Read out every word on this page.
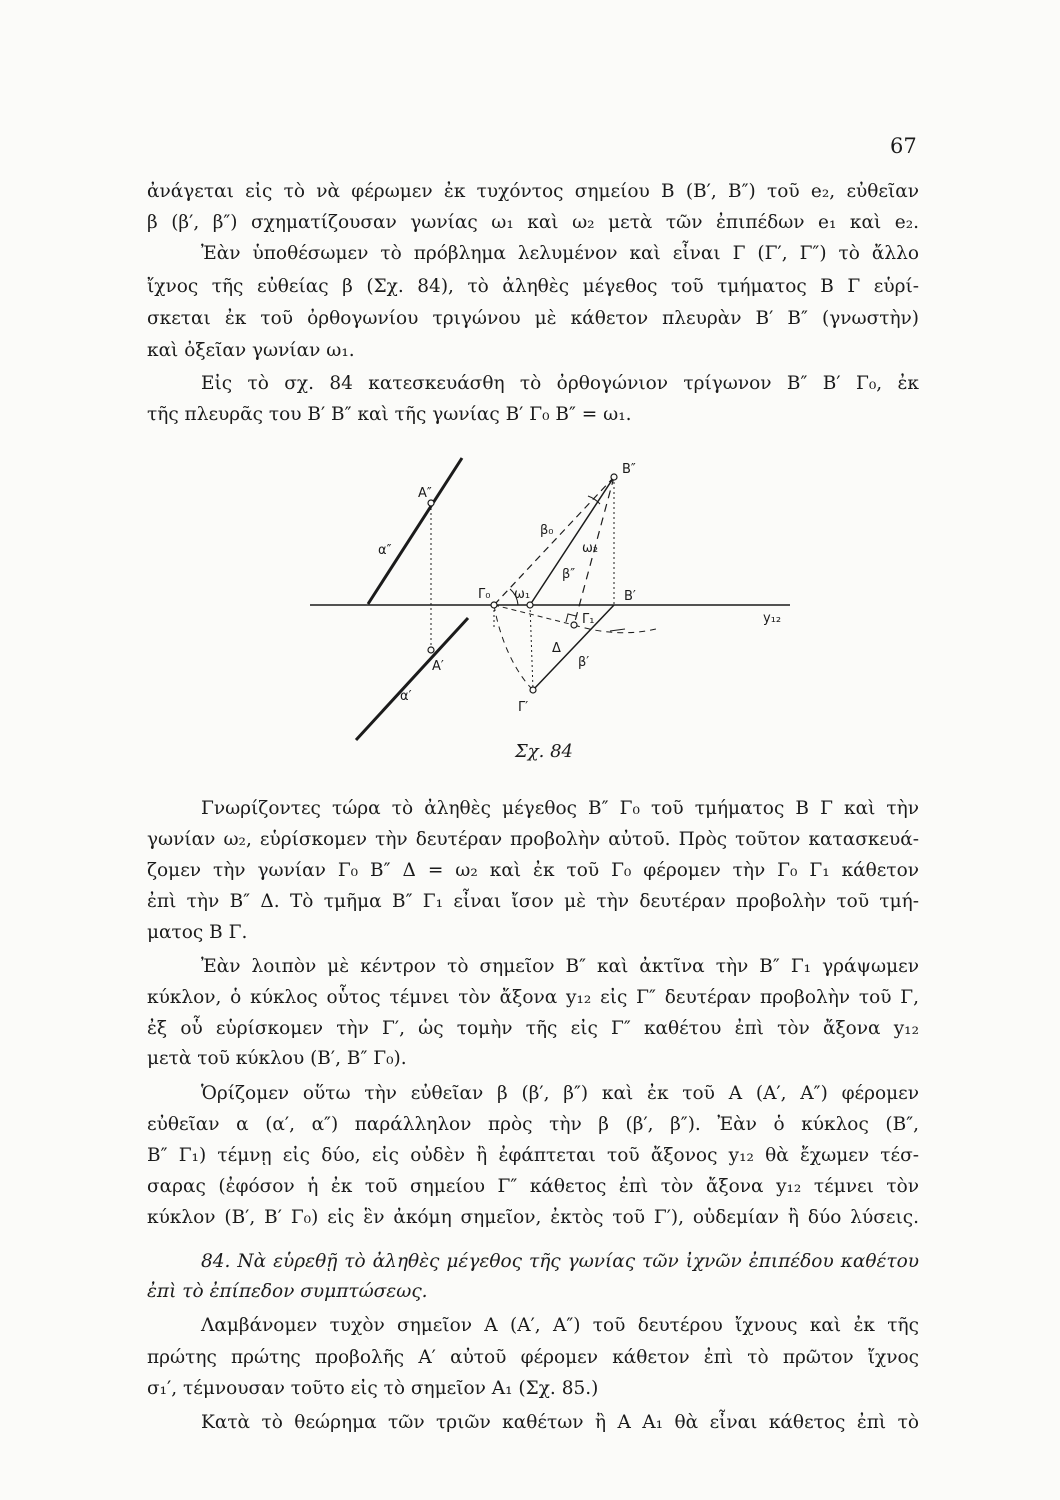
67
ἀνάγεται εἰς τὸ νὰ φέρωμεν ἐκ τυχόντος σημείου Β (Β′, Β″) τοῦ e₂, εὐθεῖαν
β (β′, β″) σχηματίζουσαν γωνίας ω₁ καὶ ω₂ μετὰ τῶν ἐπιπέδων e₁ καὶ e₂.
Ἐὰν ὑποθέσωμεν τὸ πρόβλημα λελυμένον καὶ εἶναι Γ (Γ′, Γ″) τὸ ἄλλο
ἴχνος τῆς εὐθείας β (Σχ. 84), τὸ ἀληθὲς μέγεθος τοῦ τμήματος Β Γ εὑρί-
σκεται ἐκ τοῦ ὀρθογωνίου τριγώνου μὲ κάθετον πλευρὰν Β′ Β″ (γνωστὴν)
καὶ ὀξεῖαν γωνίαν ω₁.
Εἰς τὸ σχ. 84 κατεσκευάσθη τὸ ὀρθογώνιον τρίγωνον Β″ Β′ Γ₀, ἐκ
τῆς πλευρᾶς του Β′ Β″ καὶ τῆς γωνίας Β′ Γ₀ Β″ = ω₁.
Α″
α″
Β″
β₀
ω₂
β″
Γ₀ ω₁	Β′
y₁₂
Γ₁
Δ
β′
Α′
α′
Γ′
Σχ. 84
Γνωρίζοντες τώρα τὸ ἀληθὲς μέγεθος Β″ Γ₀ τοῦ τμήματος Β Γ καὶ τὴν
γωνίαν ω₂, εὑρίσκομεν τὴν δευτέραν προβολὴν αὐτοῦ. Πρὸς τοῦτον κατασκευά-
ζομεν τὴν γωνίαν Γ₀ Β″ Δ = ω₂ καὶ ἐκ τοῦ Γ₀ φέρομεν τὴν Γ₀ Γ₁ κάθετον
ἐπὶ τὴν Β″ Δ. Τὸ τμῆμα Β″ Γ₁ εἶναι ἴσον μὲ τὴν δευτέραν προβολὴν τοῦ τμή-
ματος Β Γ.
Ἐὰν λοιπὸν μὲ κέντρον τὸ σημεῖον Β″ καὶ ἀκτῖνα τὴν Β″ Γ₁ γράψωμεν
κύκλον, ὁ κύκλος οὗτος τέμνει τὸν ἄξονα y₁₂ εἰς Γ″ δευτέραν προβολὴν τοῦ Γ,
ἐξ οὗ εὑρίσκομεν τὴν Γ′, ὡς τομὴν τῆς εἰς Γ″ καθέτου ἐπὶ τὸν ἄξονα y₁₂
μετὰ τοῦ κύκλου (Β′, Β″ Γ₀).
Ὁρίζομεν οὕτω τὴν εὐθεῖαν β (β′, β″) καὶ ἐκ τοῦ Α (Α′, Α″) φέρομεν
εὐθεῖαν α (α′, α″) παράλληλον πρὸς τὴν β (β′, β″). Ἐὰν ὁ κύκλος (Β″,
Β″ Γ₁) τέμνῃ εἰς δύο, εἰς οὐδὲν ἢ ἐφάπτεται τοῦ ἄξονος y₁₂ θὰ ἔχωμεν τέσ-
σαρας (ἐφόσον ἡ ἐκ τοῦ σημείου Γ″ κάθετος ἐπὶ τὸν ἄξονα y₁₂ τέμνει τὸν
κύκλον (Β′, Β′ Γ₀) εἰς ἓν ἀκόμη σημεῖον, ἐκτὸς τοῦ Γ′), οὐδεμίαν ἢ δύο λύσεις.
84. Νὰ εὑρεθῇ τὸ ἀληθὲς μέγεθος τῆς γωνίας τῶν ἰχνῶν ἐπιπέδου καθέτου
ἐπὶ τὸ ἐπίπεδον συμπτώσεως.
Λαμβάνομεν τυχὸν σημεῖον Α (Α′, Α″) τοῦ δευτέρου ἴχνους καὶ ἐκ τῆς
πρώτης πρώτης προβολῆς Α′ αὐτοῦ φέρομεν κάθετον ἐπὶ τὸ πρῶτον ἴχνος
σ₁′, τέμνουσαν τοῦτο εἰς τὸ σημεῖον Α₁ (Σχ. 85.)
Κατὰ τὸ θεώρημα τῶν τριῶν καθέτων ἢ Α Α₁ θὰ εἶναι κάθετος ἐπὶ τὸ
